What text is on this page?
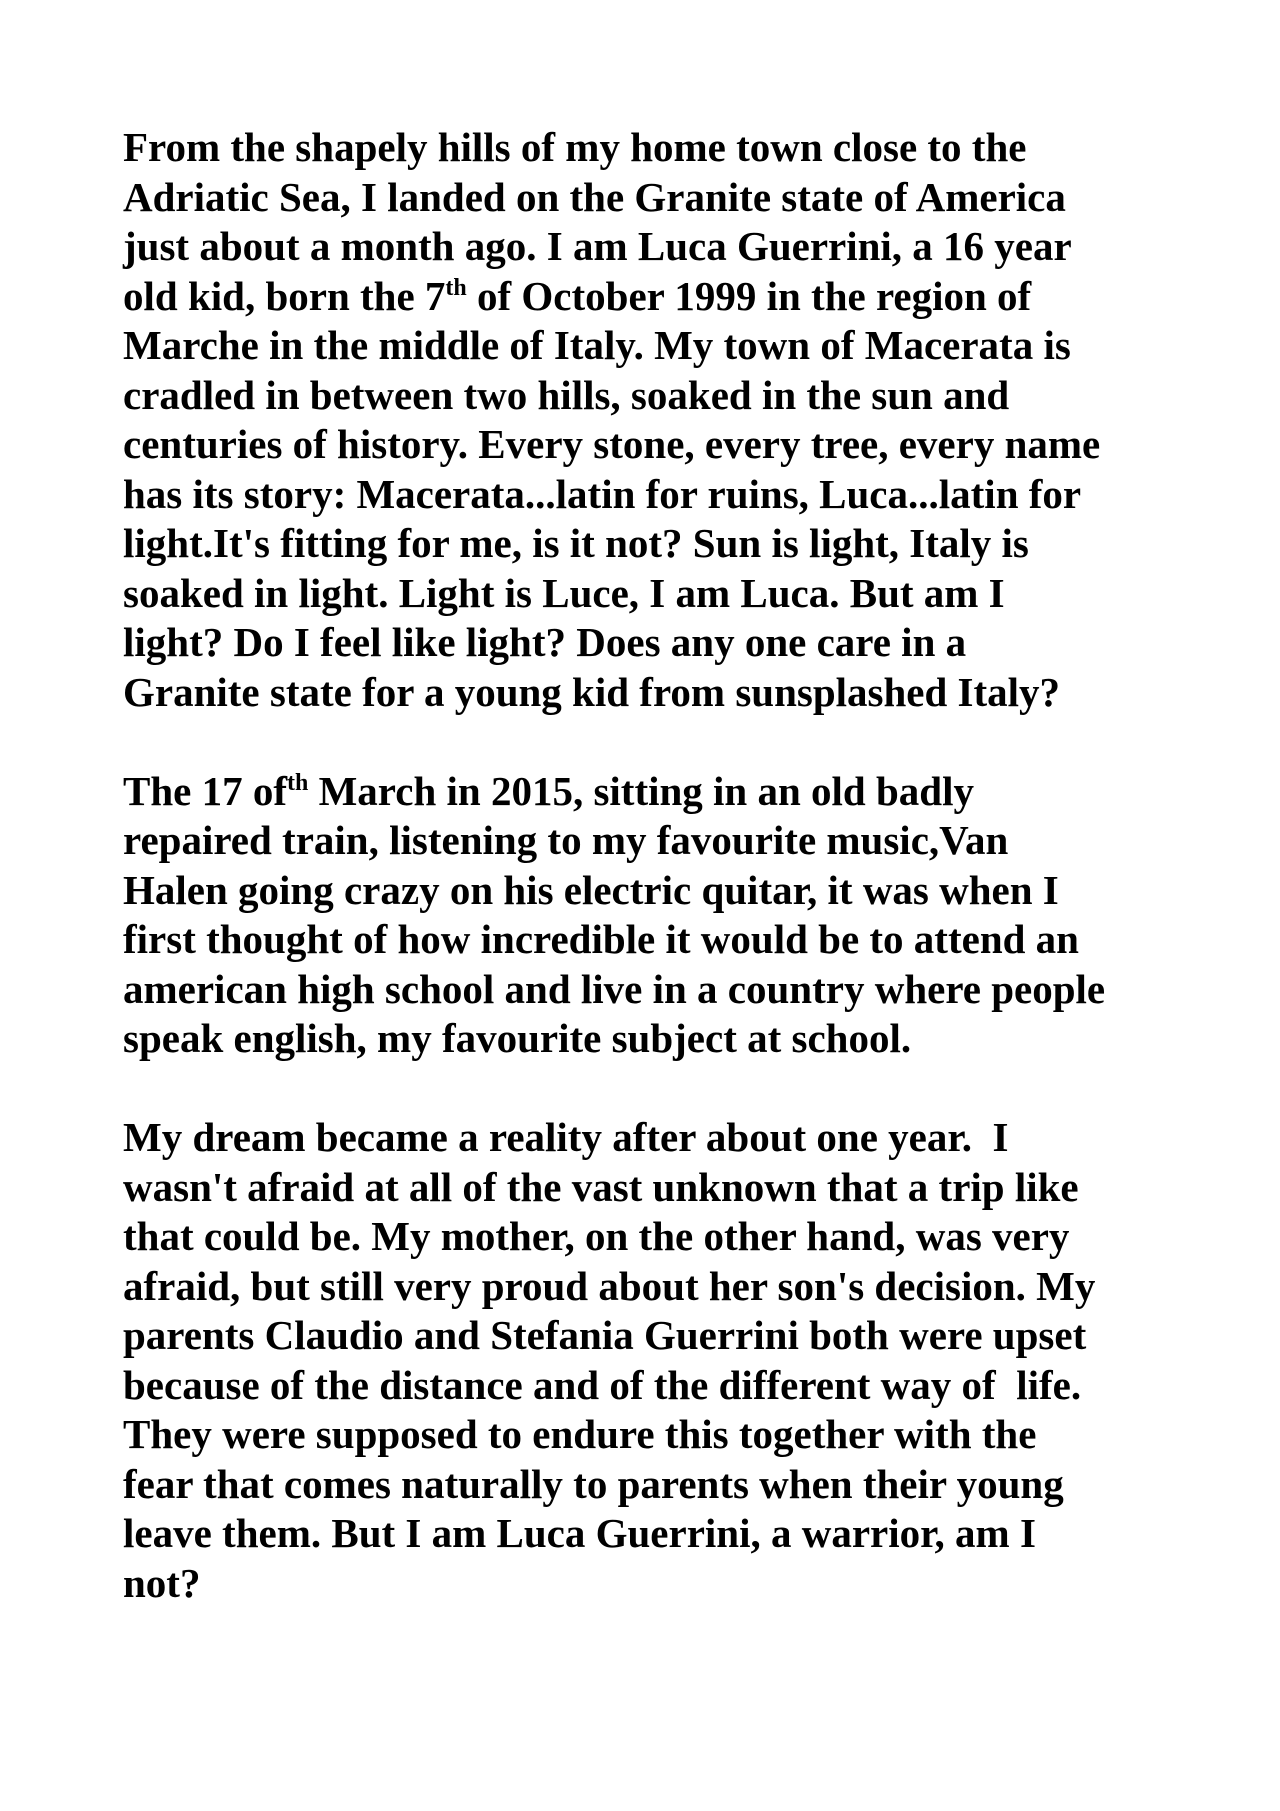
From the shapely hills of my home town close to the
Adriatic Sea, I landed on the Granite state of America
just about a month ago. I am Luca Guerrini, a 16 year
old kid, born the 7th of October 1999 in the region of
Marche in the middle of Italy. My town of Macerata is
cradled in between two hills, soaked in the sun and
centuries of history. Every stone, every tree, every name
has its story: Macerata...latin for ruins, Luca...latin for
light.It's fitting for me, is it not? Sun is light, Italy is
soaked in light. Light is Luce, I am Luca. But am I
light? Do I feel like light? Does any one care in a
Granite state for a young kid from sunsplashed Italy?
The 17 $of^{th}$ March in 2015, sitting in an old badly
repaired train, listening to my favourite music,Van
Halen going crazy on his electric quitar, it was when I
first thought of how incredible it would be to attend an
american high school and live in a country where people
speak english, my favourite subject at school.
My dream became a reality after about one year.  I
wasn't afraid at all of the vast unknown that a trip like
that could be. My mother, on the other hand, was very
afraid, but still very proud about her son's decision. My
parents Claudio and Stefania Guerrini both were upset
because of the distance and of the different way of  life.
They were supposed to endure this together with the
fear that comes naturally to parents when their young
leave them. But I am Luca Guerrini, a warrior, am I
not?
